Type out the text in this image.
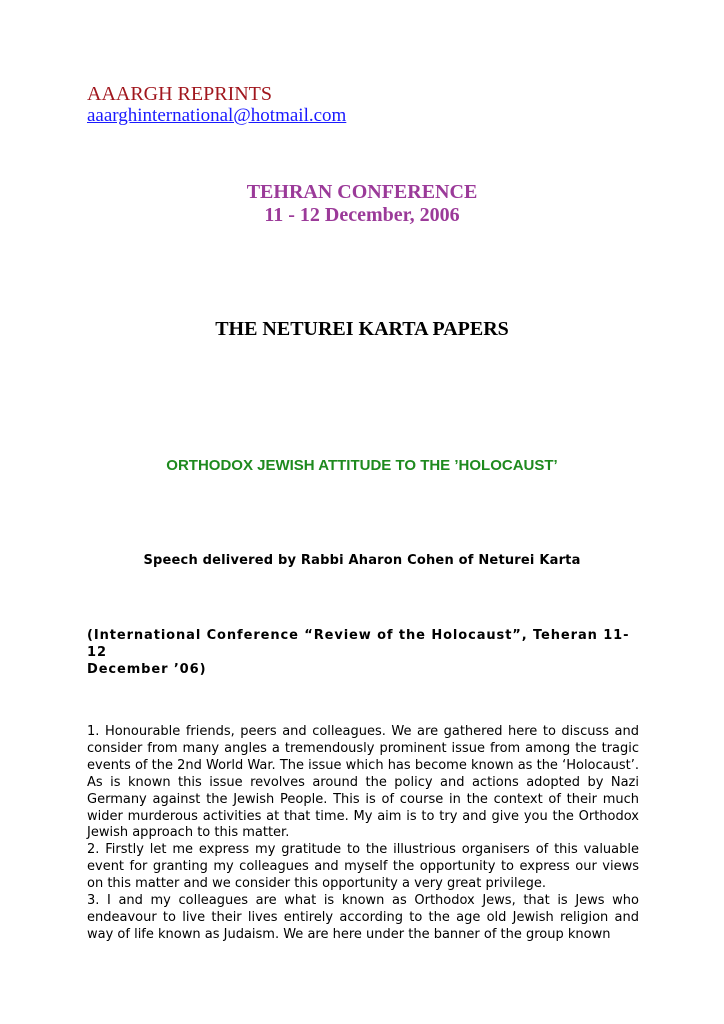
AAARGH REPRINTS
aaarghinternational@hotmail.com
TEHRAN CONFERENCE
11 - 12 December, 2006
THE NETUREI KARTA PAPERS
ORTHODOX JEWISH ATTITUDE TO THE ’HOLOCAUST’
Speech delivered by Rabbi Aharon Cohen of Neturei Karta
(International Conference “Review of the Holocaust”, Teheran 11-12
December ’06)

1. Honourable friends, peers and colleagues. We are gathered here to discuss and consider from many angles a tremendously prominent issue from among the tragic events of the 2nd World War. The issue which has become known as the ‘Holocaust’. As is known this issue revolves around the policy and actions adopted by Nazi Germany against the Jewish People. This is of course in the context of their much wider murderous activities at that time. My aim is to try and give you the Orthodox Jewish approach to this matter.

2. Firstly let me express my gratitude to the illustrious organisers of this valuable event for granting my colleagues and myself the opportunity to express our views on this matter and we consider this opportunity a very great privilege.

3. I and my colleagues are what is known as Orthodox Jews, that is Jews who endeavour to live their lives entirely according to the age old Jewish religion and way of life known as Judaism. We are here under the banner of the group known
